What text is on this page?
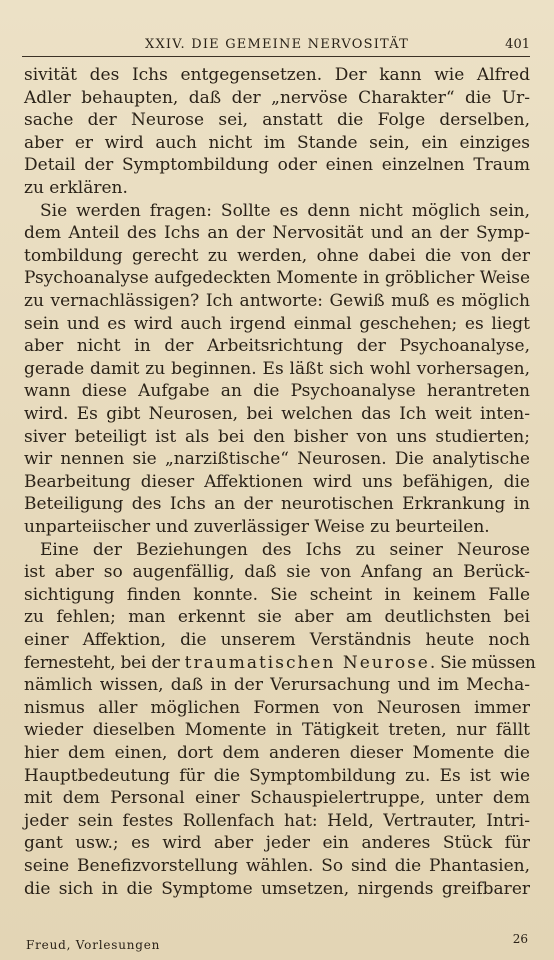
XXIV. DIE GEMEINE NERVOSITÄT	401
sivität des Ichs entgegensetzen. Der kann wie Alfred
Adler behaupten, daß der „nervöse Charakter“ die Ur-
sache der Neurose sei, anstatt die Folge derselben,
aber er wird auch nicht im Stande sein, ein einziges
Detail der Symptombildung oder einen einzelnen Traum
zu erklären.
Sie werden fragen: Sollte es denn nicht möglich sein,
dem Anteil des Ichs an der Nervosität und an der Symp-
tombildung gerecht zu werden, ohne dabei die von der
Psychoanalyse aufgedeckten Momente in gröblicher Weise
zu vernachlässigen? Ich antworte: Gewiß muß es möglich
sein und es wird auch irgend einmal geschehen; es liegt
aber nicht in der Arbeitsrichtung der Psychoanalyse,
gerade damit zu beginnen. Es läßt sich wohl vorhersagen,
wann diese Aufgabe an die Psychoanalyse herantreten
wird. Es gibt Neurosen, bei welchen das Ich weit inten-
siver beteiligt ist als bei den bisher von uns studierten;
wir nennen sie „narzißtische“ Neurosen. Die analytische
Bearbeitung dieser Affektionen wird uns befähigen, die
Beteiligung des Ichs an der neurotischen Erkrankung in
unparteiischer und zuverlässiger Weise zu beurteilen.
Eine der Beziehungen des Ichs zu seiner Neurose
ist aber so augenfällig, daß sie von Anfang an Berück-
sichtigung finden konnte. Sie scheint in keinem Falle
zu fehlen; man erkennt sie aber am deutlichsten bei
einer Affektion, die unserem Verständnis heute noch
fernesteht, bei der traumatischen Neurose. Sie müssen
nämlich wissen, daß in der Verursachung und im Mecha-
nismus aller möglichen Formen von Neurosen immer
wieder dieselben Momente in Tätigkeit treten, nur fällt
hier dem einen, dort dem anderen dieser Momente die
Hauptbedeutung für die Symptombildung zu. Es ist wie
mit dem Personal einer Schauspielertruppe, unter dem
jeder sein festes Rollenfach hat: Held, Vertrauter, Intri-
gant usw.; es wird aber jeder ein anderes Stück für
seine Benefizvorstellung wählen. So sind die Phantasien,
die sich in die Symptome umsetzen, nirgends greifbarer
Freud, Vorlesungen	26
